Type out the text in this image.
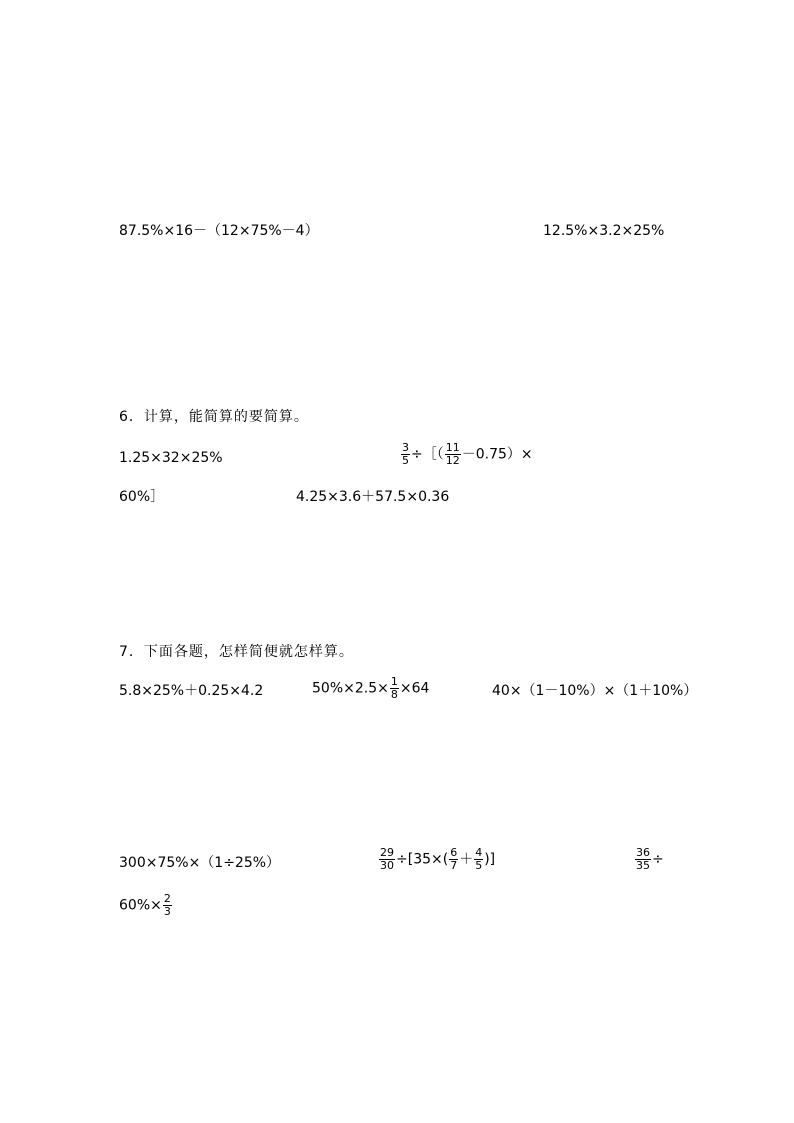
87.5%×16－（12×75%－4）	12.5%×3.2×25%
6．计算，能简算的要简算。
1.25×32×25%	$\frac{3}{5}$ ÷［（ $\frac{11}{12} -0.75)\times$
60%］	4.25×3.6＋57.5×0.36
7．下面各题，怎样简便就怎样算。
5.8×25%＋0.25×4.2	$50\%\times 2.5\times \frac{1}{8} \times 64$	40×（1－10%）×（1＋10%）
300×75%×（1÷25%）	$\frac{29}{30} \div[35\times( \frac{6}{7} + \frac{4}{5}$ )]	$\frac{36}{35}$ ÷
$60\%\times \frac{2}{3}$
